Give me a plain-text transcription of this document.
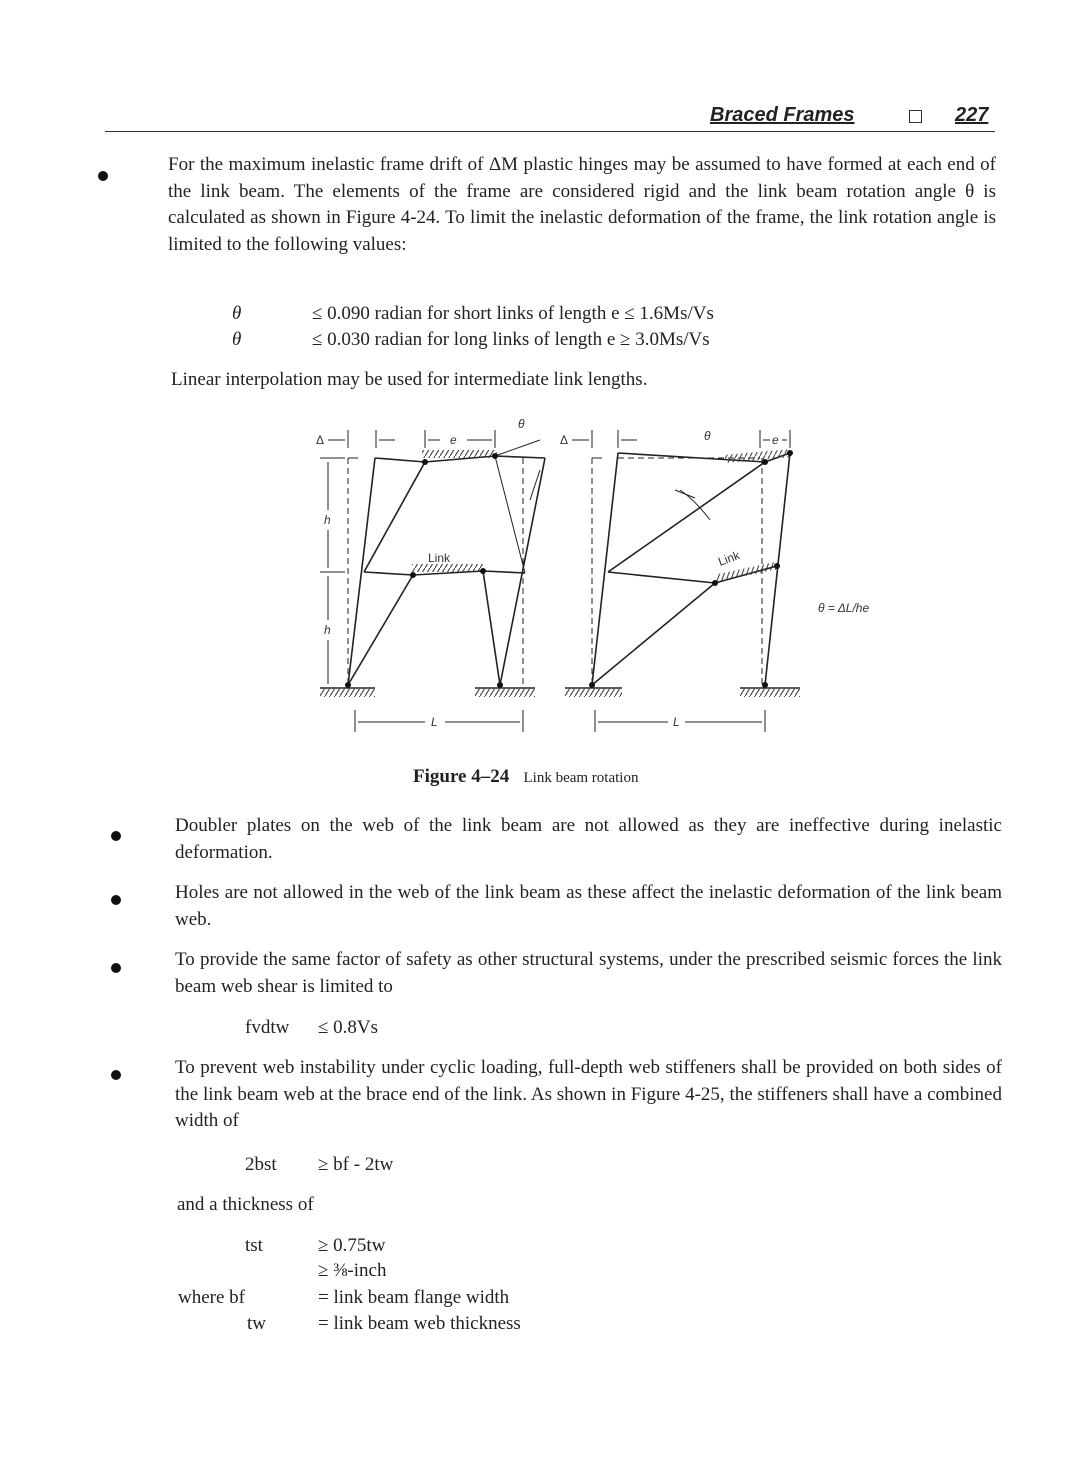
Braced Frames	227
For the maximum inelastic frame drift of ΔM plastic hinges may be assumed to have formed at each end of the link beam. The elements of the frame are considered rigid and the link beam rotation angle θ is calculated as shown in Figure 4-24. To limit the inelastic deformation of the frame, the link rotation angle is limited to the following values:
θ	≤ 0.090 radian for short links of length e ≤ 1.6Ms/Vs
θ	≤ 0.030 radian for long links of length e ≥ 3.0Ms/Vs
Linear interpolation may be used for intermediate link lengths.
Δ	e
θ
Δ	θ	e
h
h
L	L
Link	Link
θ = ΔL/he
Figure 4–24 Link beam rotation
Doubler plates on the web of the link beam are not allowed as they are ineffective during inelastic deformation.
Holes are not allowed in the web of the link beam as these affect the inelastic deformation of the link beam web.
To provide the same factor of safety as other structural systems, under the prescribed seismic forces the link beam web shear is limited to
fvdtw ≤ 0.8Vs
To prevent web instability under cyclic loading, full-depth web stiffeners shall be provided on both sides of the link beam web at the brace end of the link. As shown in Figure 4-25, the stiffeners shall have a combined width of
2bst ≥ bf - 2tw
and a thickness of
tst	≥ 0.75tw
≥ ⅜-inch
where bf	= link beam flange width
tw	= link beam web thickness
